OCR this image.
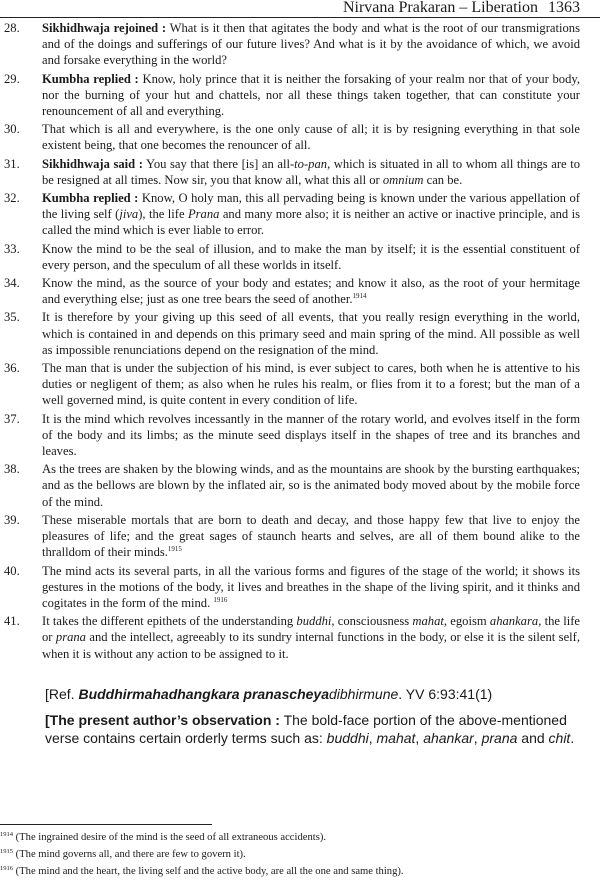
Nirvana Prakaran – Liberation 1363
28.	Sikhidhwaja rejoined : What is it then that agitates the body and what is the root of our transmigrations and of the doings and sufferings of our future lives? And what is it by the avoidance of which, we avoid and forsake everything in the world?
29.	Kumbha replied : Know, holy prince that it is neither the forsaking of your realm nor that of your body, nor the burning of your hut and chattels, nor all these things taken together, that can constitute your renouncement of all and everything.
30.	That which is all and everywhere, is the one only cause of all; it is by resigning everything in that sole existent being, that one becomes the renouncer of all.
31.	Sikhidhwaja said : You say that there [is] an all-to-pan, which is situated in all to whom all things are to be resigned at all times. Now sir, you that know all, what this all or omnium can be.
32.	Kumbha replied : Know, O holy man, this all pervading being is known under the various appellation of the living self (jiva), the life Prana and many more also; it is neither an active or inactive principle, and is called the mind which is ever liable to error.
33.	Know the mind to be the seal of illusion, and to make the man by itself; it is the essential constituent of every person, and the speculum of all these worlds in itself.
34.	Know the mind, as the source of your body and estates; and know it also, as the root of your hermitage and everything else; just as one tree bears the seed of another.$^{1914}$
35.	It is therefore by your giving up this seed of all events, that you really resign everything in the world, which is contained in and depends on this primary seed and main spring of the mind. All possible as well as impossible renunciations depend on the resignation of the mind.
36.	The man that is under the subjection of his mind, is ever subject to cares, both when he is attentive to his duties or negligent of them; as also when he rules his realm, or flies from it to a forest; but the man of a well governed mind, is quite content in every condition of life.
37.	It is the mind which revolves incessantly in the manner of the rotary world, and evolves itself in the form of the body and its limbs; as the minute seed displays itself in the shapes of tree and its branches and leaves.
38.	As the trees are shaken by the blowing winds, and as the mountains are shook by the bursting earthquakes; and as the bellows are blown by the inflated air, so is the animated body moved about by the mobile force of the mind.
39.	These miserable mortals that are born to death and decay, and those happy few that live to enjoy the pleasures of life; and the great sages of staunch hearts and selves, are all of them bound alike to the thralldom of their minds.$^{1915}$
40.	The mind acts its several parts, in all the various forms and figures of the stage of the world; it shows its gestures in the motions of the body, it lives and breathes in the shape of the living spirit, and it thinks and cogitates in the form of the mind. $^{1916}$
41.	It takes the different epithets of the understanding buddhi, consciousness mahat, egoism ahankara, the life or prana and the intellect, agreeably to its sundry internal functions in the body, or else it is the silent self, when it is without any action to be assigned to it.
[Ref. Buddhirmahadhangkara pranascheyadibhirmune. YV 6:93:41(1)
[The present author’s observation : The bold-face portion of the above-mentioned verse contains certain orderly terms such as: buddhi, mahat, ahankar, prana and chit.
$^{1914}$ (The ingrained desire of the mind is the seed of all extraneous accidents).
$^{1915}$ (The mind governs all, and there are few to govern it).
$^{1916}$ (The mind and the heart, the living self and the active body, are all the one and same thing).
